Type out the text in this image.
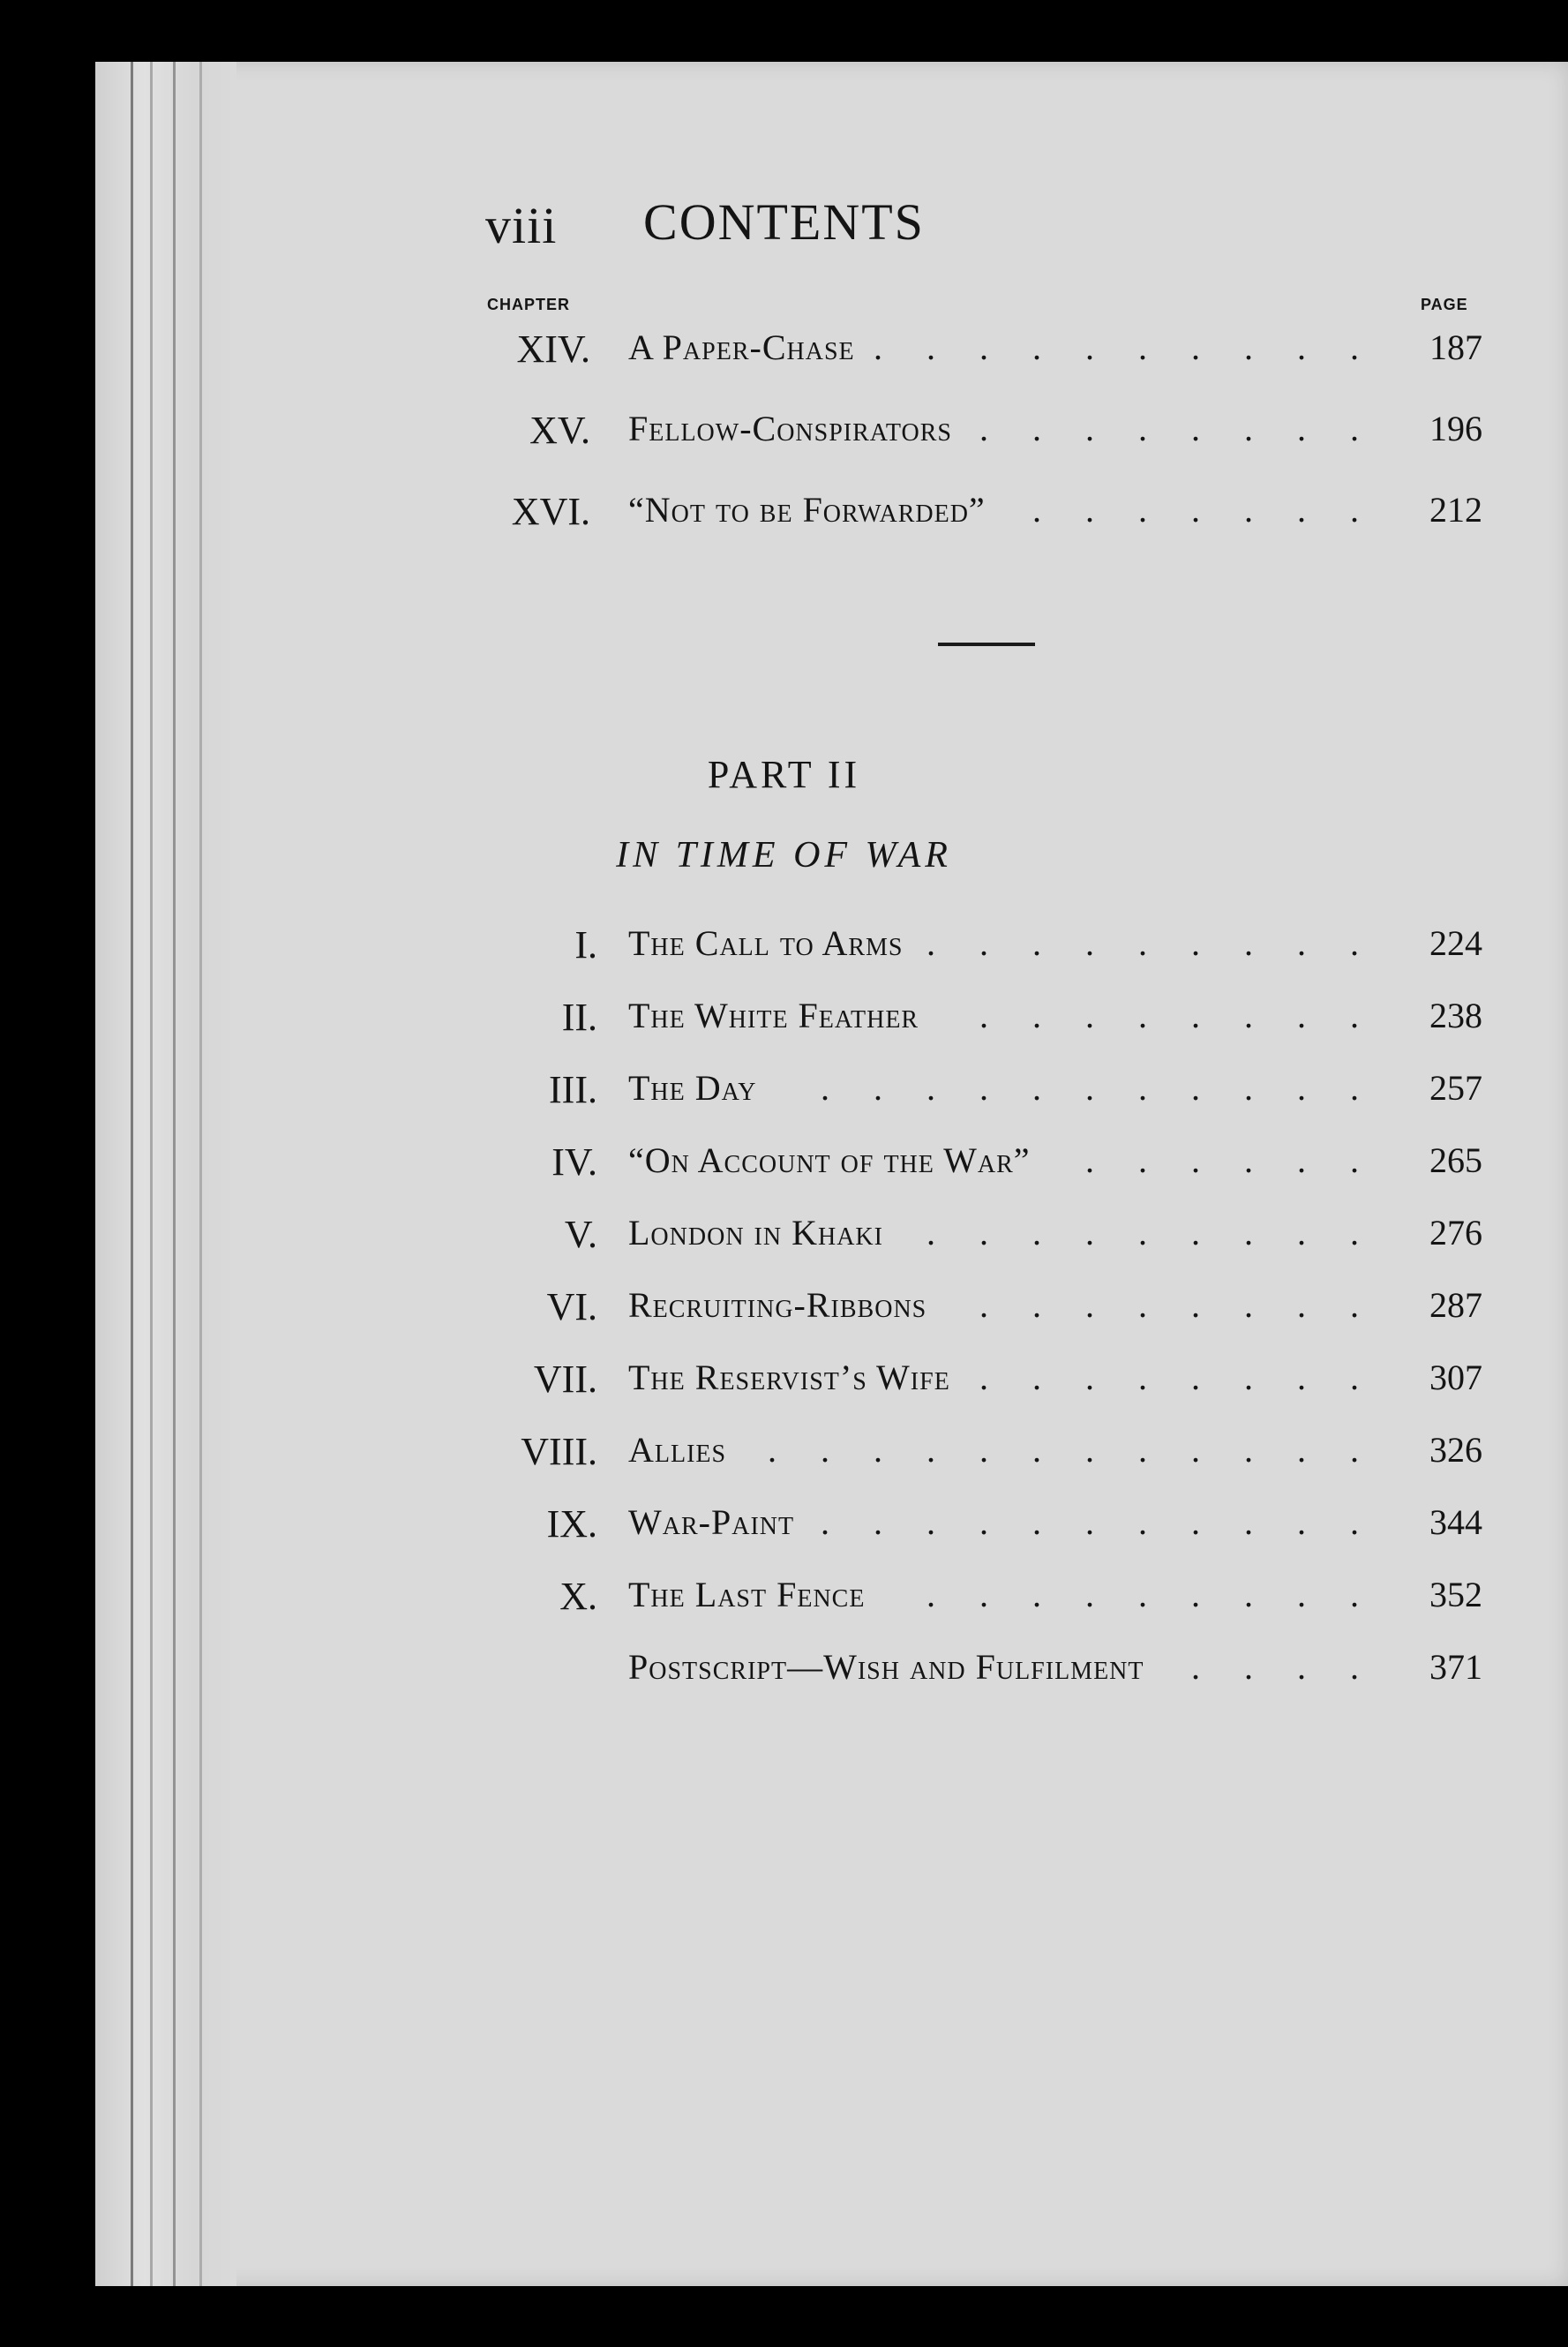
viii	CONTENTS
CHAPTER	PAGE
XIV. A Paper-Chase .......... 187
XV. Fellow-Conspirators ........ 196
XVI. “Not to be Forwarded” ....... 212
PART II
IN TIME OF WAR
I. The Call to Arms ......... 224
II. The White Feather ........ 238
III. The Day ........... 257
IV. “On Account of the War” ...... 265
V. London in Khaki ......... 276
VI. Recruiting-Ribbons ........ 287
VII. The Reservist’s Wife ........ 307
VIII. Allies ............ 326
IX. War-Paint ........... 344
X. The Last Fence ......... 352
Postscript—Wish and Fulfilment .... 371
